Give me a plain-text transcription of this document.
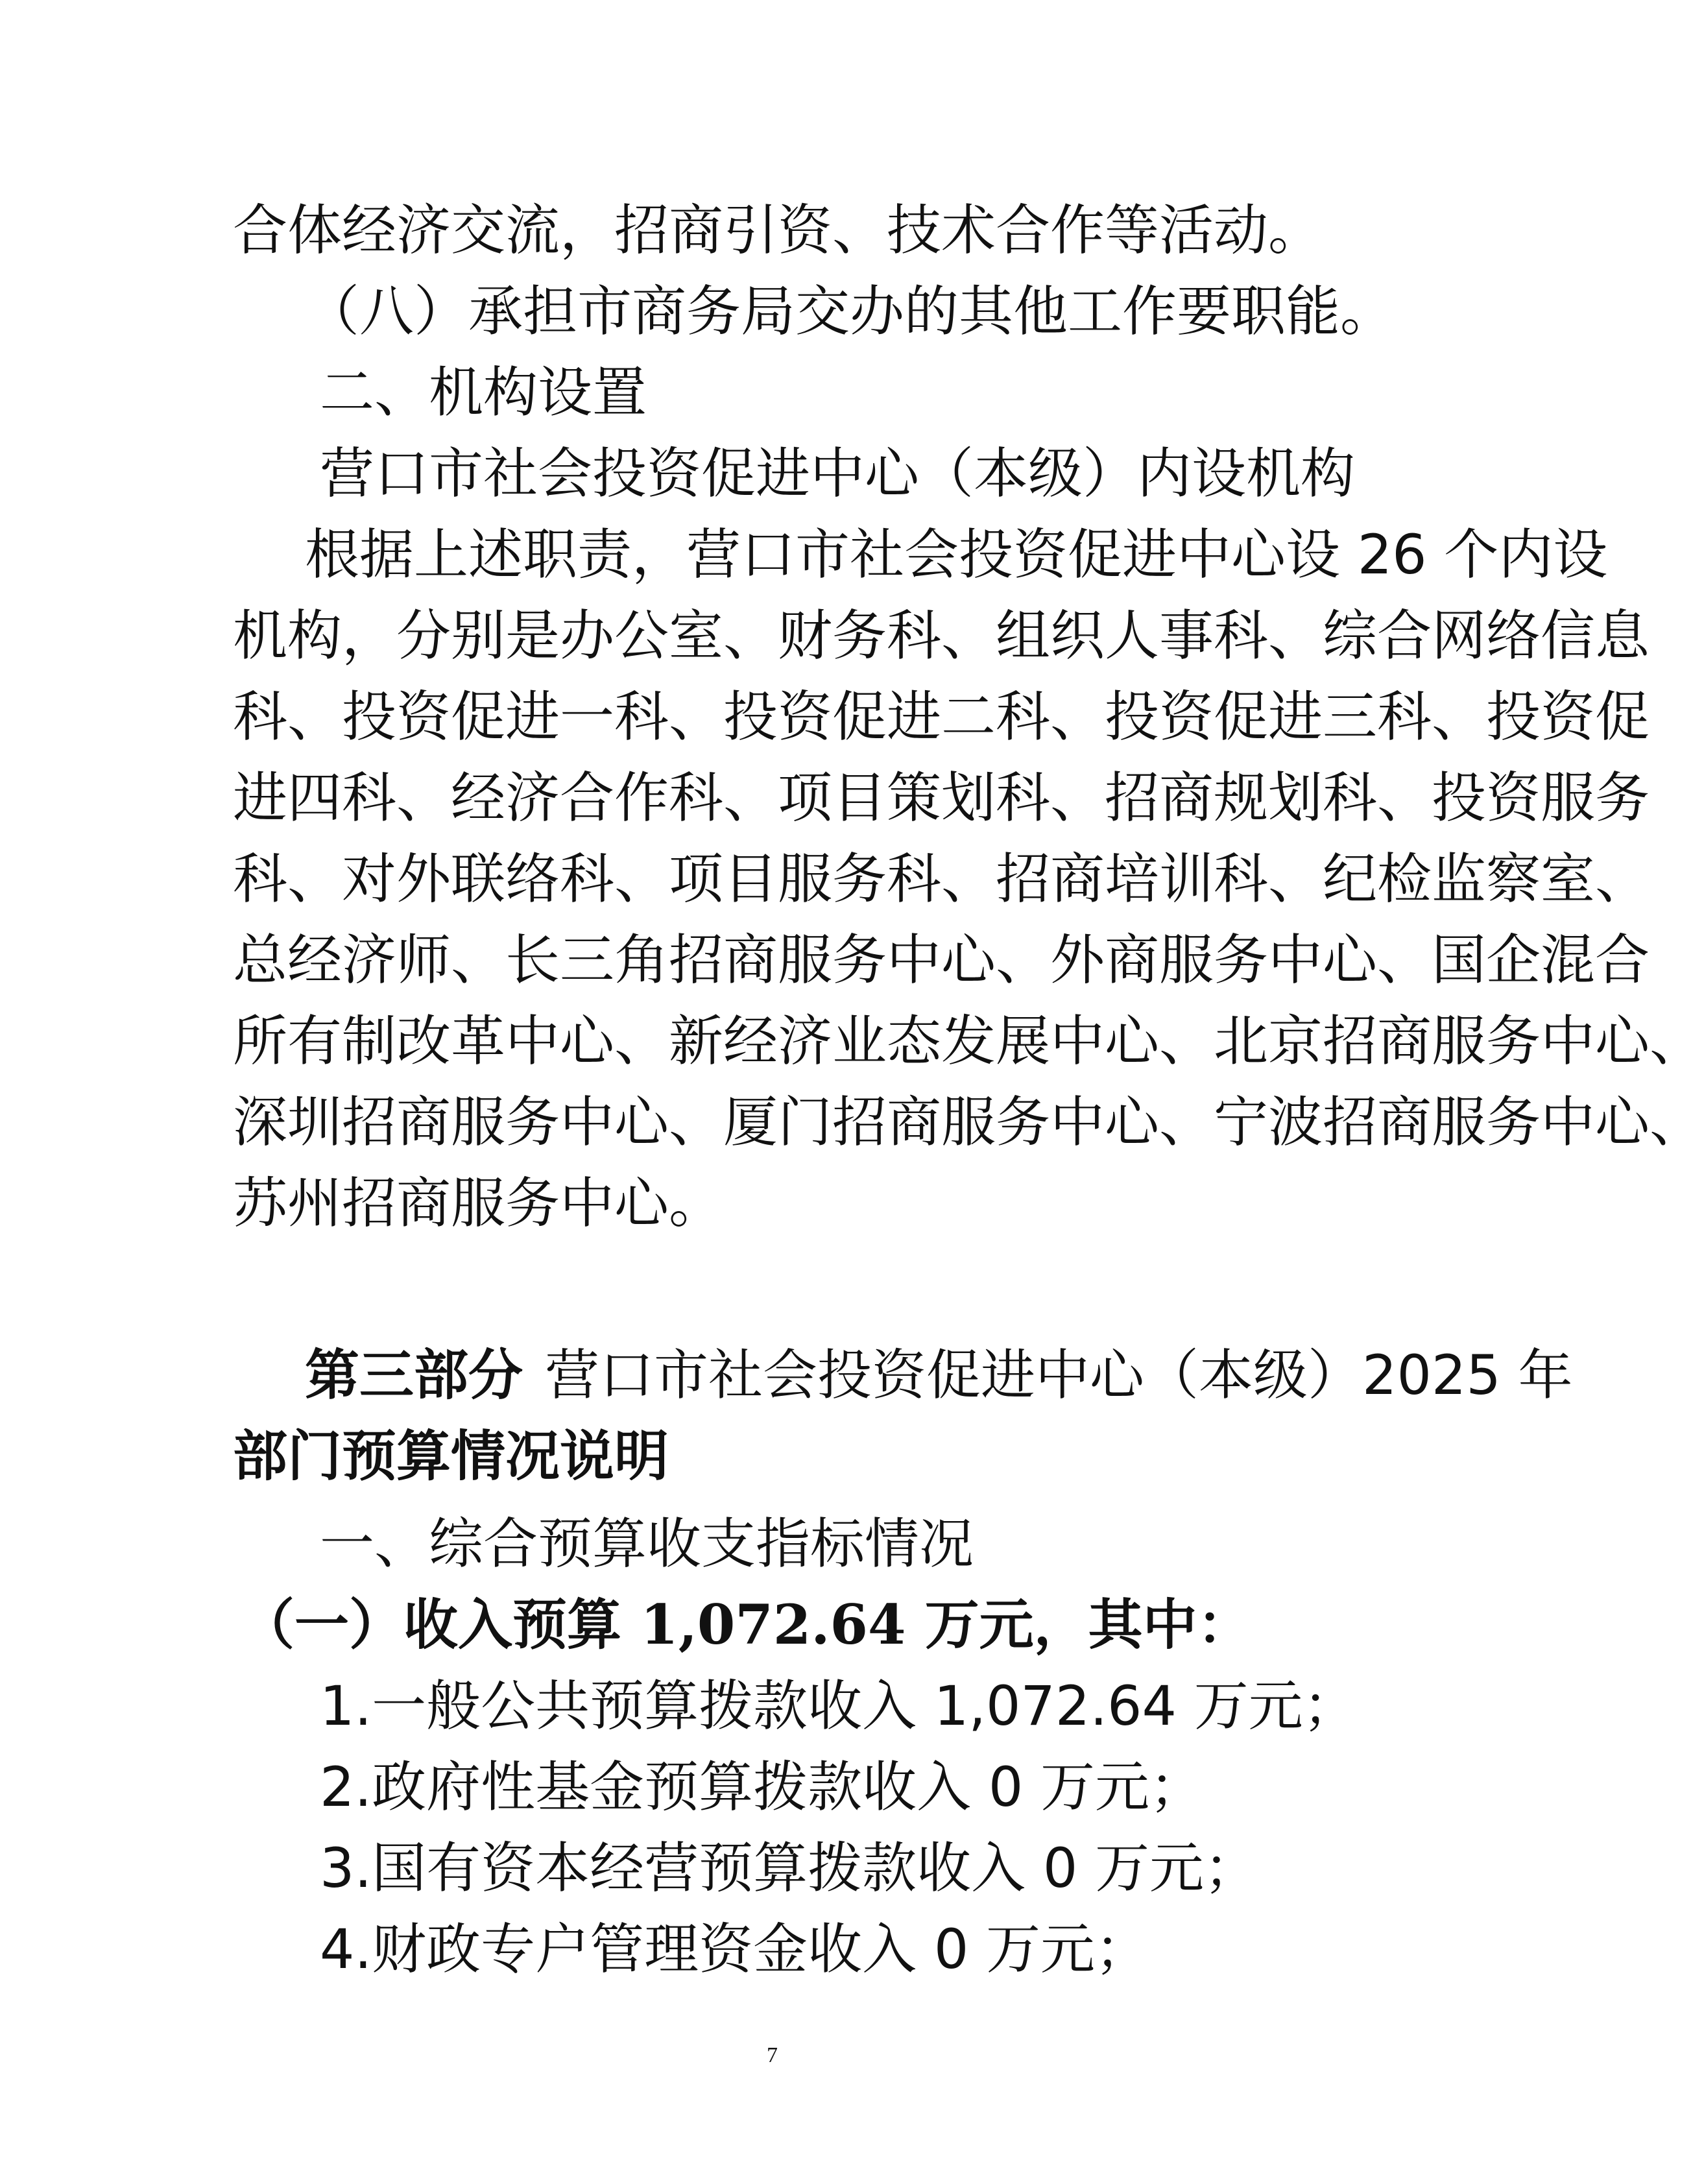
合体经济交流，招商引资、技术合作等活动。

（八）承担市商务局交办的其他工作要职能。

二、机构设置

营口市社会投资促进中心（本级）内设机构

根据上述职责，营口市社会投资促进中心设 26 个内设

机构，分别是办公室、财务科、组织人事科、综合网络信息

科、投资促进一科、投资促进二科、投资促进三科、投资促

进四科、经济合作科、项目策划科、招商规划科、投资服务

科、对外联络科、项目服务科、招商培训科、纪检监察室、

总经济师、长三角招商服务中心、外商服务中心、国企混合

所有制改革中心、新经济业态发展中心、北京招商服务中心、

深圳招商服务中心、厦门招商服务中心、宁波招商服务中心、

苏州招商服务中心。

第三部分 营口市社会投资促进中心（本级）2025 年

部门预算情况说明

一、综合预算收支指标情况

（一）收入预算 1,072.64 万元，其中：

1.一般公共预算拨款收入 1,072.64 万元；

2.政府性基金预算拨款收入 0 万元；

3.国有资本经营预算拨款收入 0 万元；

4.财政专户管理资金收入 0 万元；

7
